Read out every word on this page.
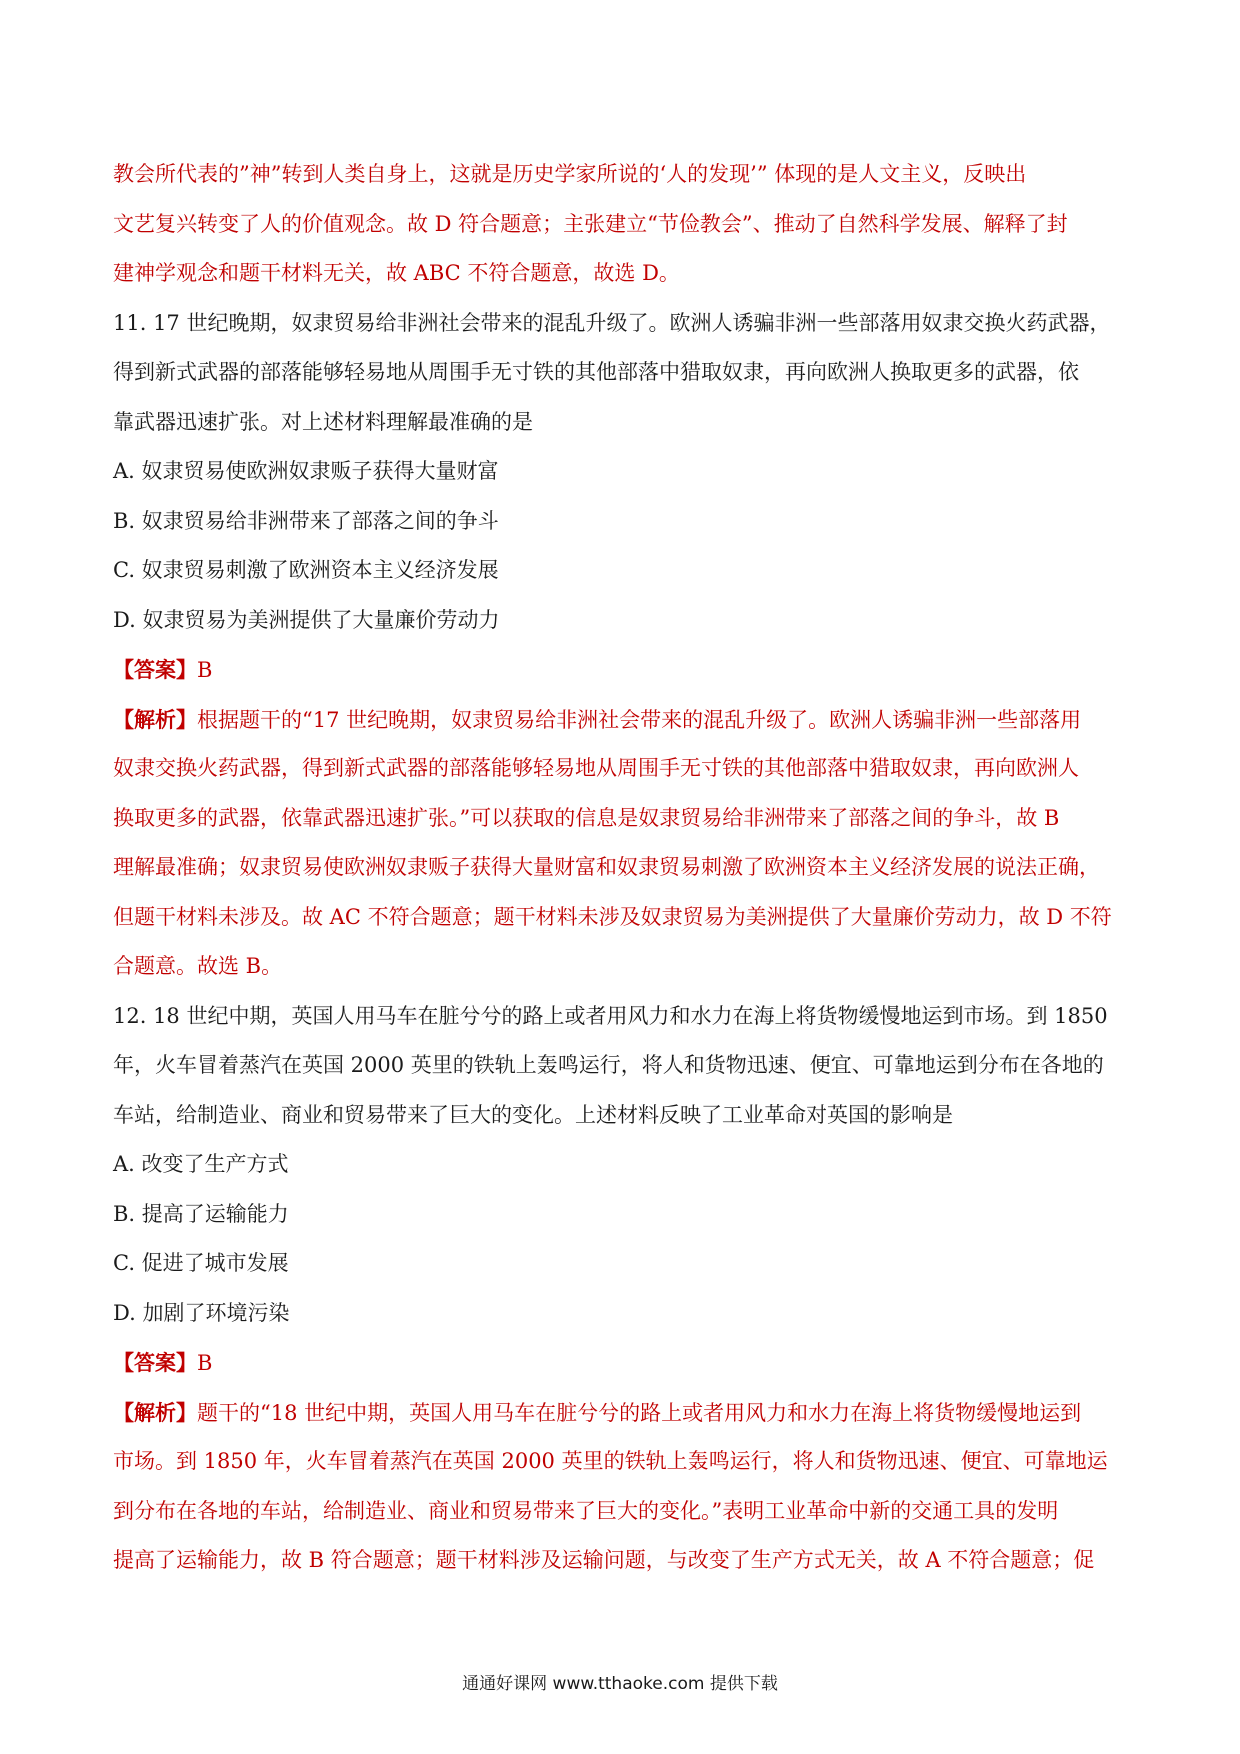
教会所代表的”神”转到人类自身上，这就是历史学家所说的‘人的发现’” 体现的是人文主义，反映出
文艺复兴转变了人的价值观念。故 D 符合题意；主张建立“节俭教会”、推动了自然科学发展、解释了封
建神学观念和题干材料无关，故 ABC 不符合题意，故选 D。
11. 17 世纪晚期，奴隶贸易给非洲社会带来的混乱升级了。欧洲人诱骗非洲一些部落用奴隶交换火药武器，
得到新式武器的部落能够轻易地从周围手无寸铁的其他部落中猎取奴隶，再向欧洲人换取更多的武器，依
靠武器迅速扩张。对上述材料理解最准确的是
A. 奴隶贸易使欧洲奴隶贩子获得大量财富
B. 奴隶贸易给非洲带来了部落之间的争斗
C. 奴隶贸易刺激了欧洲资本主义经济发展
D. 奴隶贸易为美洲提供了大量廉价劳动力
【答案】B
【解析】根据题干的“17 世纪晚期，奴隶贸易给非洲社会带来的混乱升级了。欧洲人诱骗非洲一些部落用
奴隶交换火药武器，得到新式武器的部落能够轻易地从周围手无寸铁的其他部落中猎取奴隶，再向欧洲人
换取更多的武器，依靠武器迅速扩张。”可以获取的信息是奴隶贸易给非洲带来了部落之间的争斗，故 B
理解最准确；奴隶贸易使欧洲奴隶贩子获得大量财富和奴隶贸易刺激了欧洲资本主义经济发展的说法正确，
但题干材料未涉及。故 AC 不符合题意；题干材料未涉及奴隶贸易为美洲提供了大量廉价劳动力，故 D 不符
合题意。故选 B。
12. 18 世纪中期，英国人用马车在脏兮兮的路上或者用风力和水力在海上将货物缓慢地运到市场。到 1850
年，火车冒着蒸汽在英国 2000 英里的铁轨上轰鸣运行，将人和货物迅速、便宜、可靠地运到分布在各地的
车站，给制造业、商业和贸易带来了巨大的变化。上述材料反映了工业革命对英国的影响是
A. 改变了生产方式
B. 提高了运输能力
C. 促进了城市发展
D. 加剧了环境污染
【答案】B
【解析】题干的“18 世纪中期，英国人用马车在脏兮兮的路上或者用风力和水力在海上将货物缓慢地运到
市场。到 1850 年，火车冒着蒸汽在英国 2000 英里的铁轨上轰鸣运行，将人和货物迅速、便宜、可靠地运
到分布在各地的车站，给制造业、商业和贸易带来了巨大的变化。”表明工业革命中新的交通工具的发明
提高了运输能力，故 B 符合题意；题干材料涉及运输问题，与改变了生产方式无关，故 A 不符合题意；促
通通好课网 www.tthaoke.com 提供下载
